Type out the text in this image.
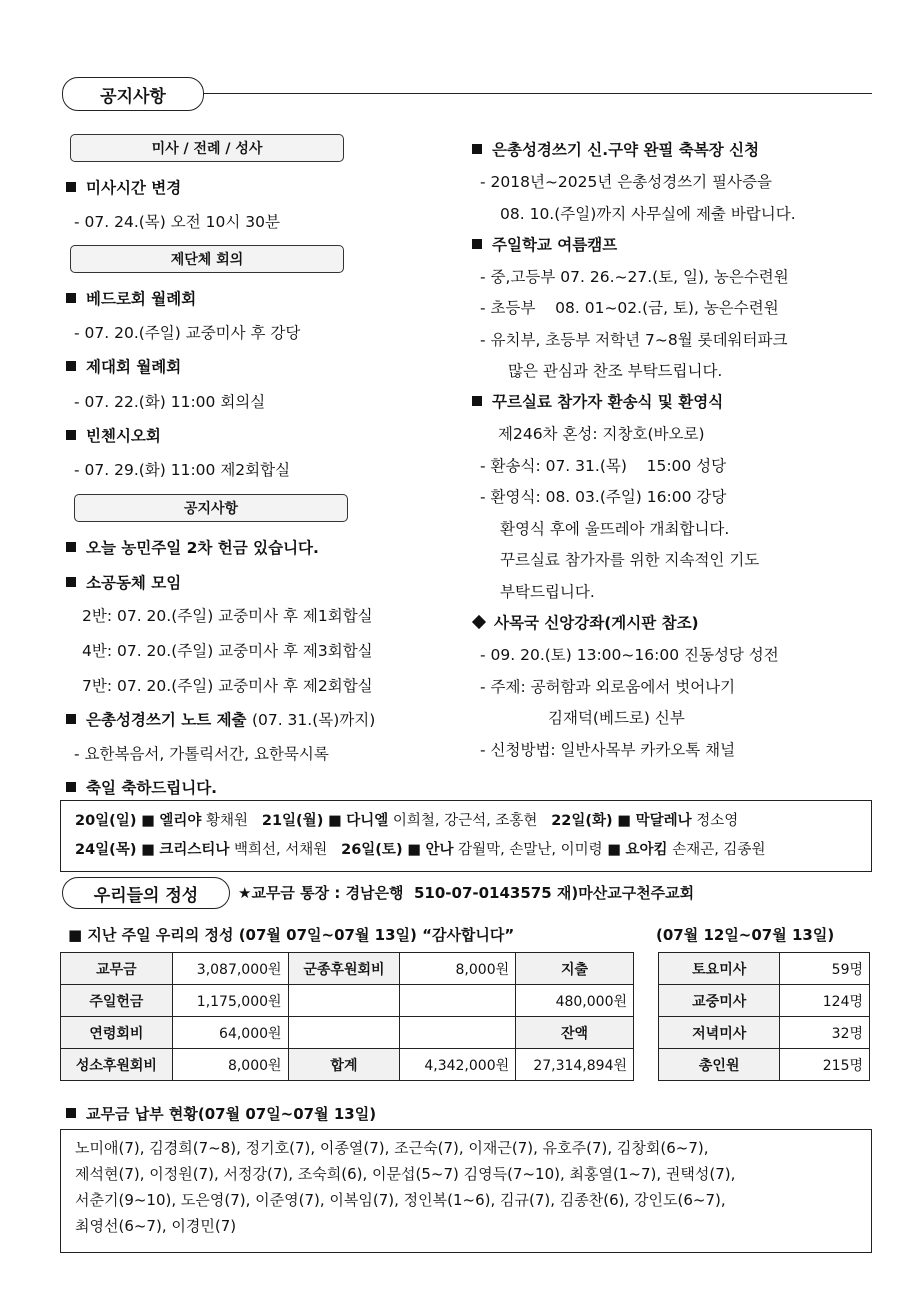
공지사항
미사 / 전례 / 성사
미사시간 변경
- 07. 24.(목) 오전 10시 30분
제단체 회의
베드로회 월례회
- 07. 20.(주일) 교중미사 후 강당
제대회 월례회
- 07. 22.(화) 11:00 회의실
빈첸시오회
- 07. 29.(화) 11:00 제2회합실
공지사항
오늘 농민주일 2차 헌금 있습니다.
소공동체 모임
2반: 07. 20.(주일) 교중미사 후 제1회합실
4반: 07. 20.(주일) 교중미사 후 제3회합실
7반: 07. 20.(주일) 교중미사 후 제2회합실
은총성경쓰기 노트 제출 (07. 31.(목)까지)
- 요한복음서, 가톨릭서간, 요한묵시록
축일 축하드립니다.
은총성경쓰기 신.구약 완필 축복장 신청
- 2018년~2025년 은총성경쓰기 필사증을
08. 10.(주일)까지 사무실에 제출 바랍니다.
주일학교 여름캠프
- 중,고등부 07. 26.~27.(토, 일), 농은수련원
- 초등부    08. 01~02.(금, 토), 농은수련원
- 유치부, 초등부 저학년 7~8월 롯데워터파크
많은 관심과 찬조 부탁드립니다.
꾸르실료 참가자 환송식 및 환영식
제246차 혼성: 지창호(바오로)
- 환송식: 07. 31.(목)    15:00 성당
- 환영식: 08. 03.(주일) 16:00 강당
환영식 후에 울뜨레아 개최합니다.
꾸르실료 참가자를 위한 지속적인 기도
부탁드립니다.
사목국 신앙강좌(게시판 참조)
- 09. 20.(토) 13:00~16:00 진동성당 성전
- 주제: 공허함과 외로움에서 벗어나기
김재덕(베드로) 신부
- 신청방법: 일반사목부 카카오톡 채널
20일(일) ■ 엘리야 황채원 21일(월) ■ 다니엘 이희철, 강근석, 조홍현 22일(화) ■ 막달레나 정소영
24일(목) ■ 크리스티나 백희선, 서채원 26일(토) ■ 안나 감월막, 손말난, 이미령 ■ 요아킴 손재곤, 김종원
우리들의 정성	★교무금 통장 : 경남은행  510-07-0143575 재)마산교구천주교회
■ 지난 주일 우리의 정성 (07월 07일~07월 13일) “감사합니다”	(07월 12일~07월 13일)
교무금	3,087,000원	군종후원회비	8,000원	지출
주일헌금	1,175,000원			480,000원
연령회비	64,000원			잔액
성소후원회비	8,000원	합계	4,342,000원	27,314,894원
토요미사	59명
교중미사	124명
저녁미사	32명
총인원	215명
교무금 납부 현황(07월 07일~07월 13일)
노미애(7), 김경희(7~8), 정기호(7), 이종열(7), 조근숙(7), 이재근(7), 유호주(7), 김창회(6~7),
제석현(7), 이정원(7), 서정강(7), 조숙희(6), 이문섭(5~7) 김영득(7~10), 최홍열(1~7), 권택성(7),
서춘기(9~10), 도은영(7), 이준영(7), 이복임(7), 정인복(1~6), 김규(7), 김종찬(6), 강인도(6~7),
최영선(6~7), 이경민(7)
